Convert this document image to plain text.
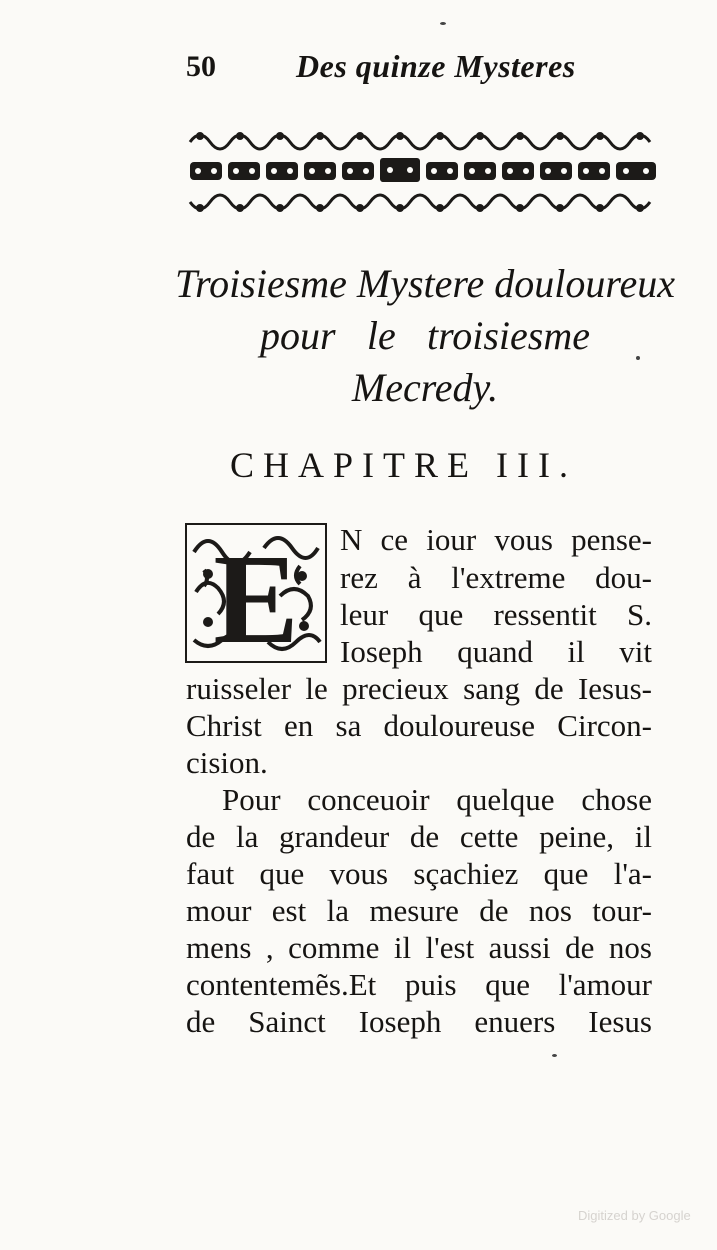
50	Des quinze Mysteres
Troisiesme Mystere douloureux
pour le troisiesme
Mecredy.
CHAPITRE III.
E N ce iour vous pense-
rez à l'extreme dou-
leur que ressentit S.
Ioseph quand il vit
ruisseler le precieux sang de Iesus-
Christ en sa douloureuse Circon-
cision.
Pour conceuoir quelque chose
de la grandeur de cette peine, il
faut que vous sçachiez que l'a-
mour est la mesure de nos tour-
mens , comme il l'est aussi de nos
contentemẽs.Et puis que l'amour
de Sainct Ioseph enuers Iesus
Digitized by Google
